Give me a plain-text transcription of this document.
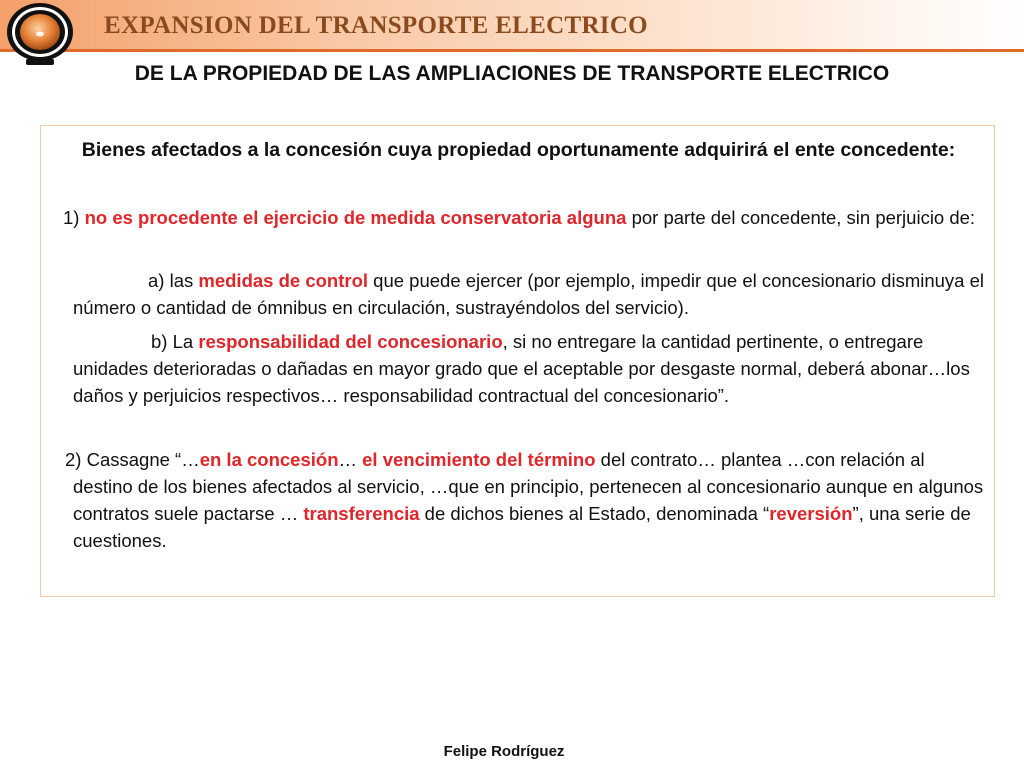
EXPANSION DEL TRANSPORTE ELECTRICO
DE LA PROPIEDAD DE LAS AMPLIACIONES DE TRANSPORTE ELECTRICO
Bienes afectados a la concesión cuya propiedad oportunamente adquirirá el ente concedente:
1) no es procedente el ejercicio de medida conservatoria alguna por parte del concedente, sin perjuicio de:
a) las medidas de control que puede ejercer (por ejemplo, impedir que el concesionario disminuya el número o cantidad de ómnibus en circulación, sustrayéndolos del servicio).
b) La responsabilidad del concesionario, si no entregare la cantidad pertinente, o entregare unidades deterioradas o dañadas en mayor grado que el aceptable por desgaste normal, deberá abonar…los daños y perjuicios respectivos… responsabilidad contractual del concesionario”.
2) Cassagne “…en la concesión… el vencimiento del término del contrato… plantea …con relación al destino de los bienes afectados al servicio, …que en principio, pertenecen al concesionario aunque en algunos contratos suele pactarse … transferencia de dichos bienes al Estado, denominada “reversión”, una serie de cuestiones.
Felipe Rodríguez
